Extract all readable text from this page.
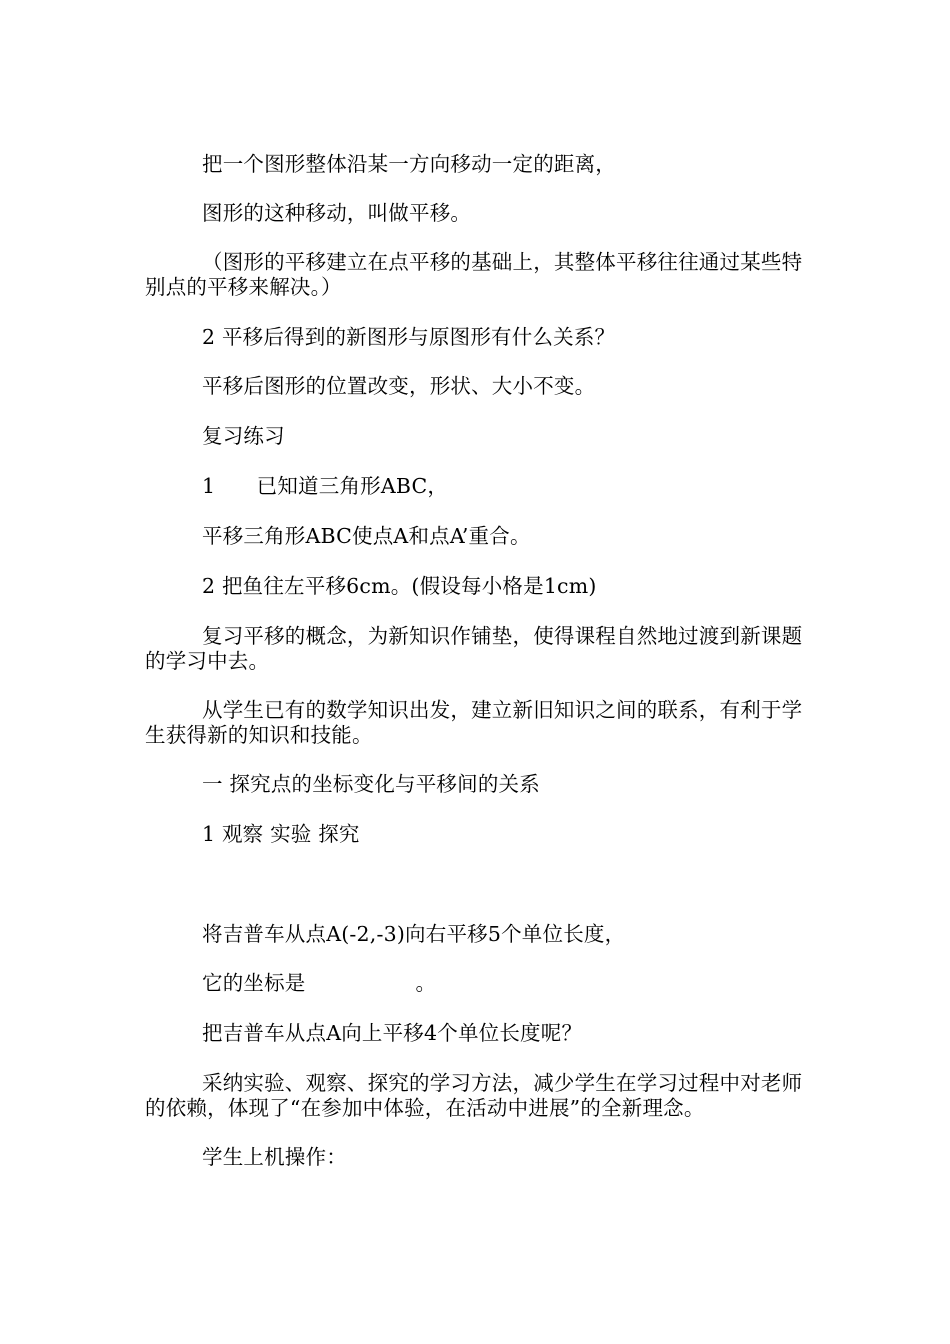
把一个图形整体沿某一方向移动一定的距离，
图形的这种移动，叫做平移。
（图形的平移建立在点平移的基础上，其整体平移往往通过某些特别点的平移来解决。）
2 平移后得到的新图形与原图形有什么关系？
平移后图形的位置改变，形状、大小不变。
复习练习
1　　已知道三角形ABC，
平移三角形ABC使点A和点A’重合。
2 把鱼往左平移6cm。(假设每小格是1cm)
复习平移的概念，为新知识作铺垫，使得课程自然地过渡到新课题的学习中去。
从学生已有的数学知识出发，建立新旧知识之间的联系，有利于学生获得新的知识和技能。
一 探究点的坐标变化与平移间的关系
1 观察 实验 探究
将吉普车从点A(-2,-3)向右平移5个单位长度，
它的坐标是	。
把吉普车从点A向上平移4个单位长度呢？
采纳实验、观察、探究的学习方法，减少学生在学习过程中对老师的依赖，体现了“在参加中体验，在活动中进展”的全新理念。
学生上机操作：
